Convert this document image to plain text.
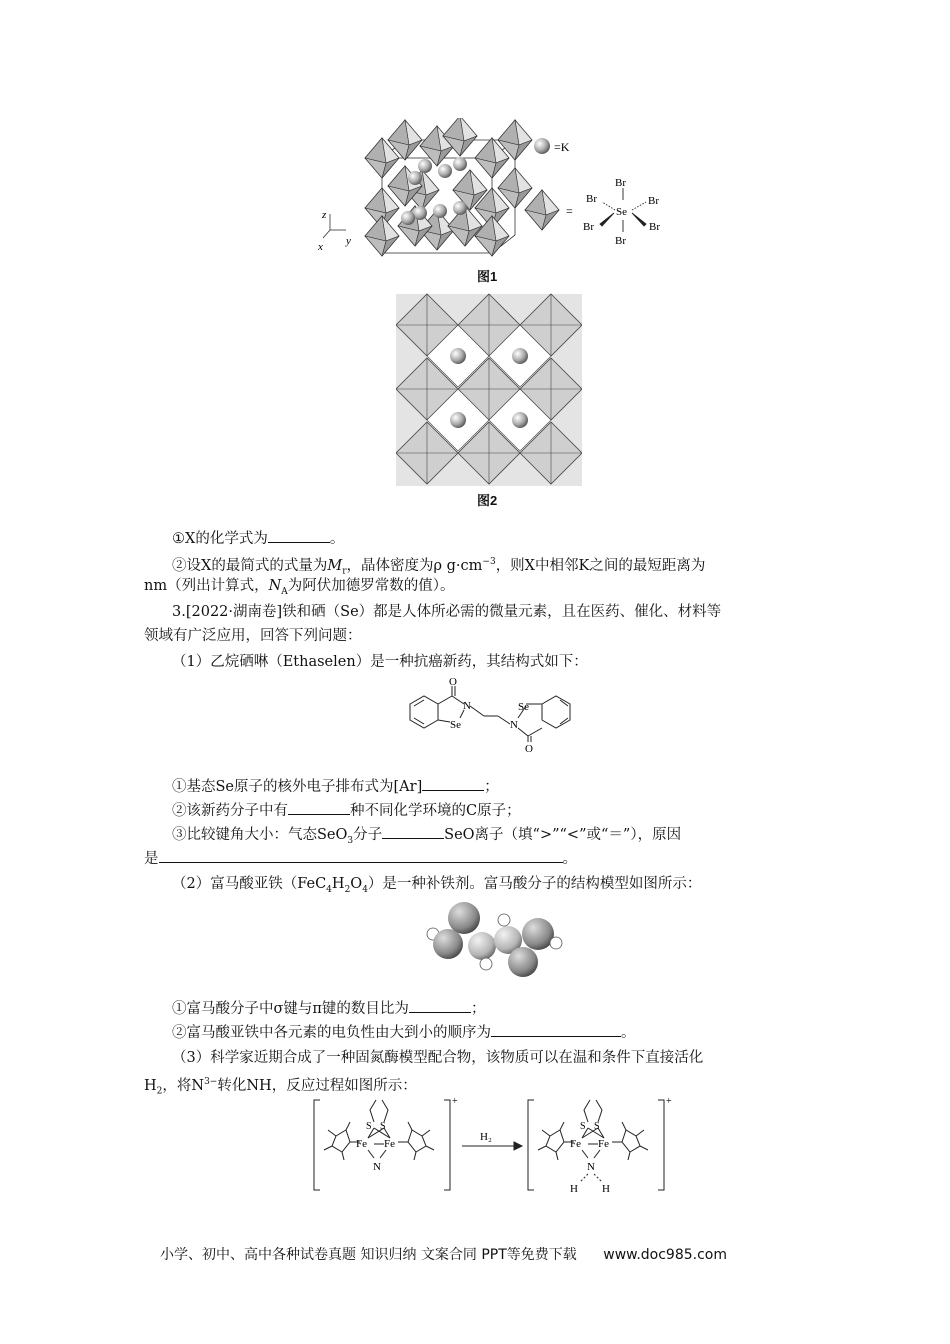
z
y
x
=K
=	Se
Br
Br	Br
Br	Br
Br
图1
图2
①X的化学式为	。
②设X的最简式的式量为$M_r$，晶体密度为ρ $g\cdot cm^{-3}$，则X中相邻K之间的最短距离为
nm（列出计算式，$N_A$为阿伏加德罗常数的值）。
3.[2022·湖南卷]铁和硒（Se）都是人体所必需的微量元素，且在医药、催化、材料等
领域有广泛应用，回答下列问题：
（1）乙烷硒啉（Ethaselen）是一种抗癌新药，其结构式如下：
O
N
Se
Se
N
O
①基态Se原子的核外电子排布式为[Ar]	；
②该新药分子中有	种不同化学环境的C原子；
③比较键角大小：气态SeO$_3$分子	SeO离子（填“>”“<”或“＝”），原因
是	。
（2）富马酸亚铁$(FeC_4H_2O_4)$是一种补铁剂。富马酸分子的结构模型如图所示：
①富马酸分子中σ键与π键的数目比为	；
②富马酸亚铁中各元素的电负性由大到小的顺序为	。
（3）科学家近期合成了一种固氮酶模型配合物，该物质可以在温和条件下直接活化
$H_2$，将$N^{3-}$转化NH，反应过程如图所示：
H₂
+	+
Fe Fe
S S
N
Fe Fe
S S
N
H H
小学、初中、高中各种试卷真题 知识归纳 文案合同 PPT等免费下载 www.doc985.com
